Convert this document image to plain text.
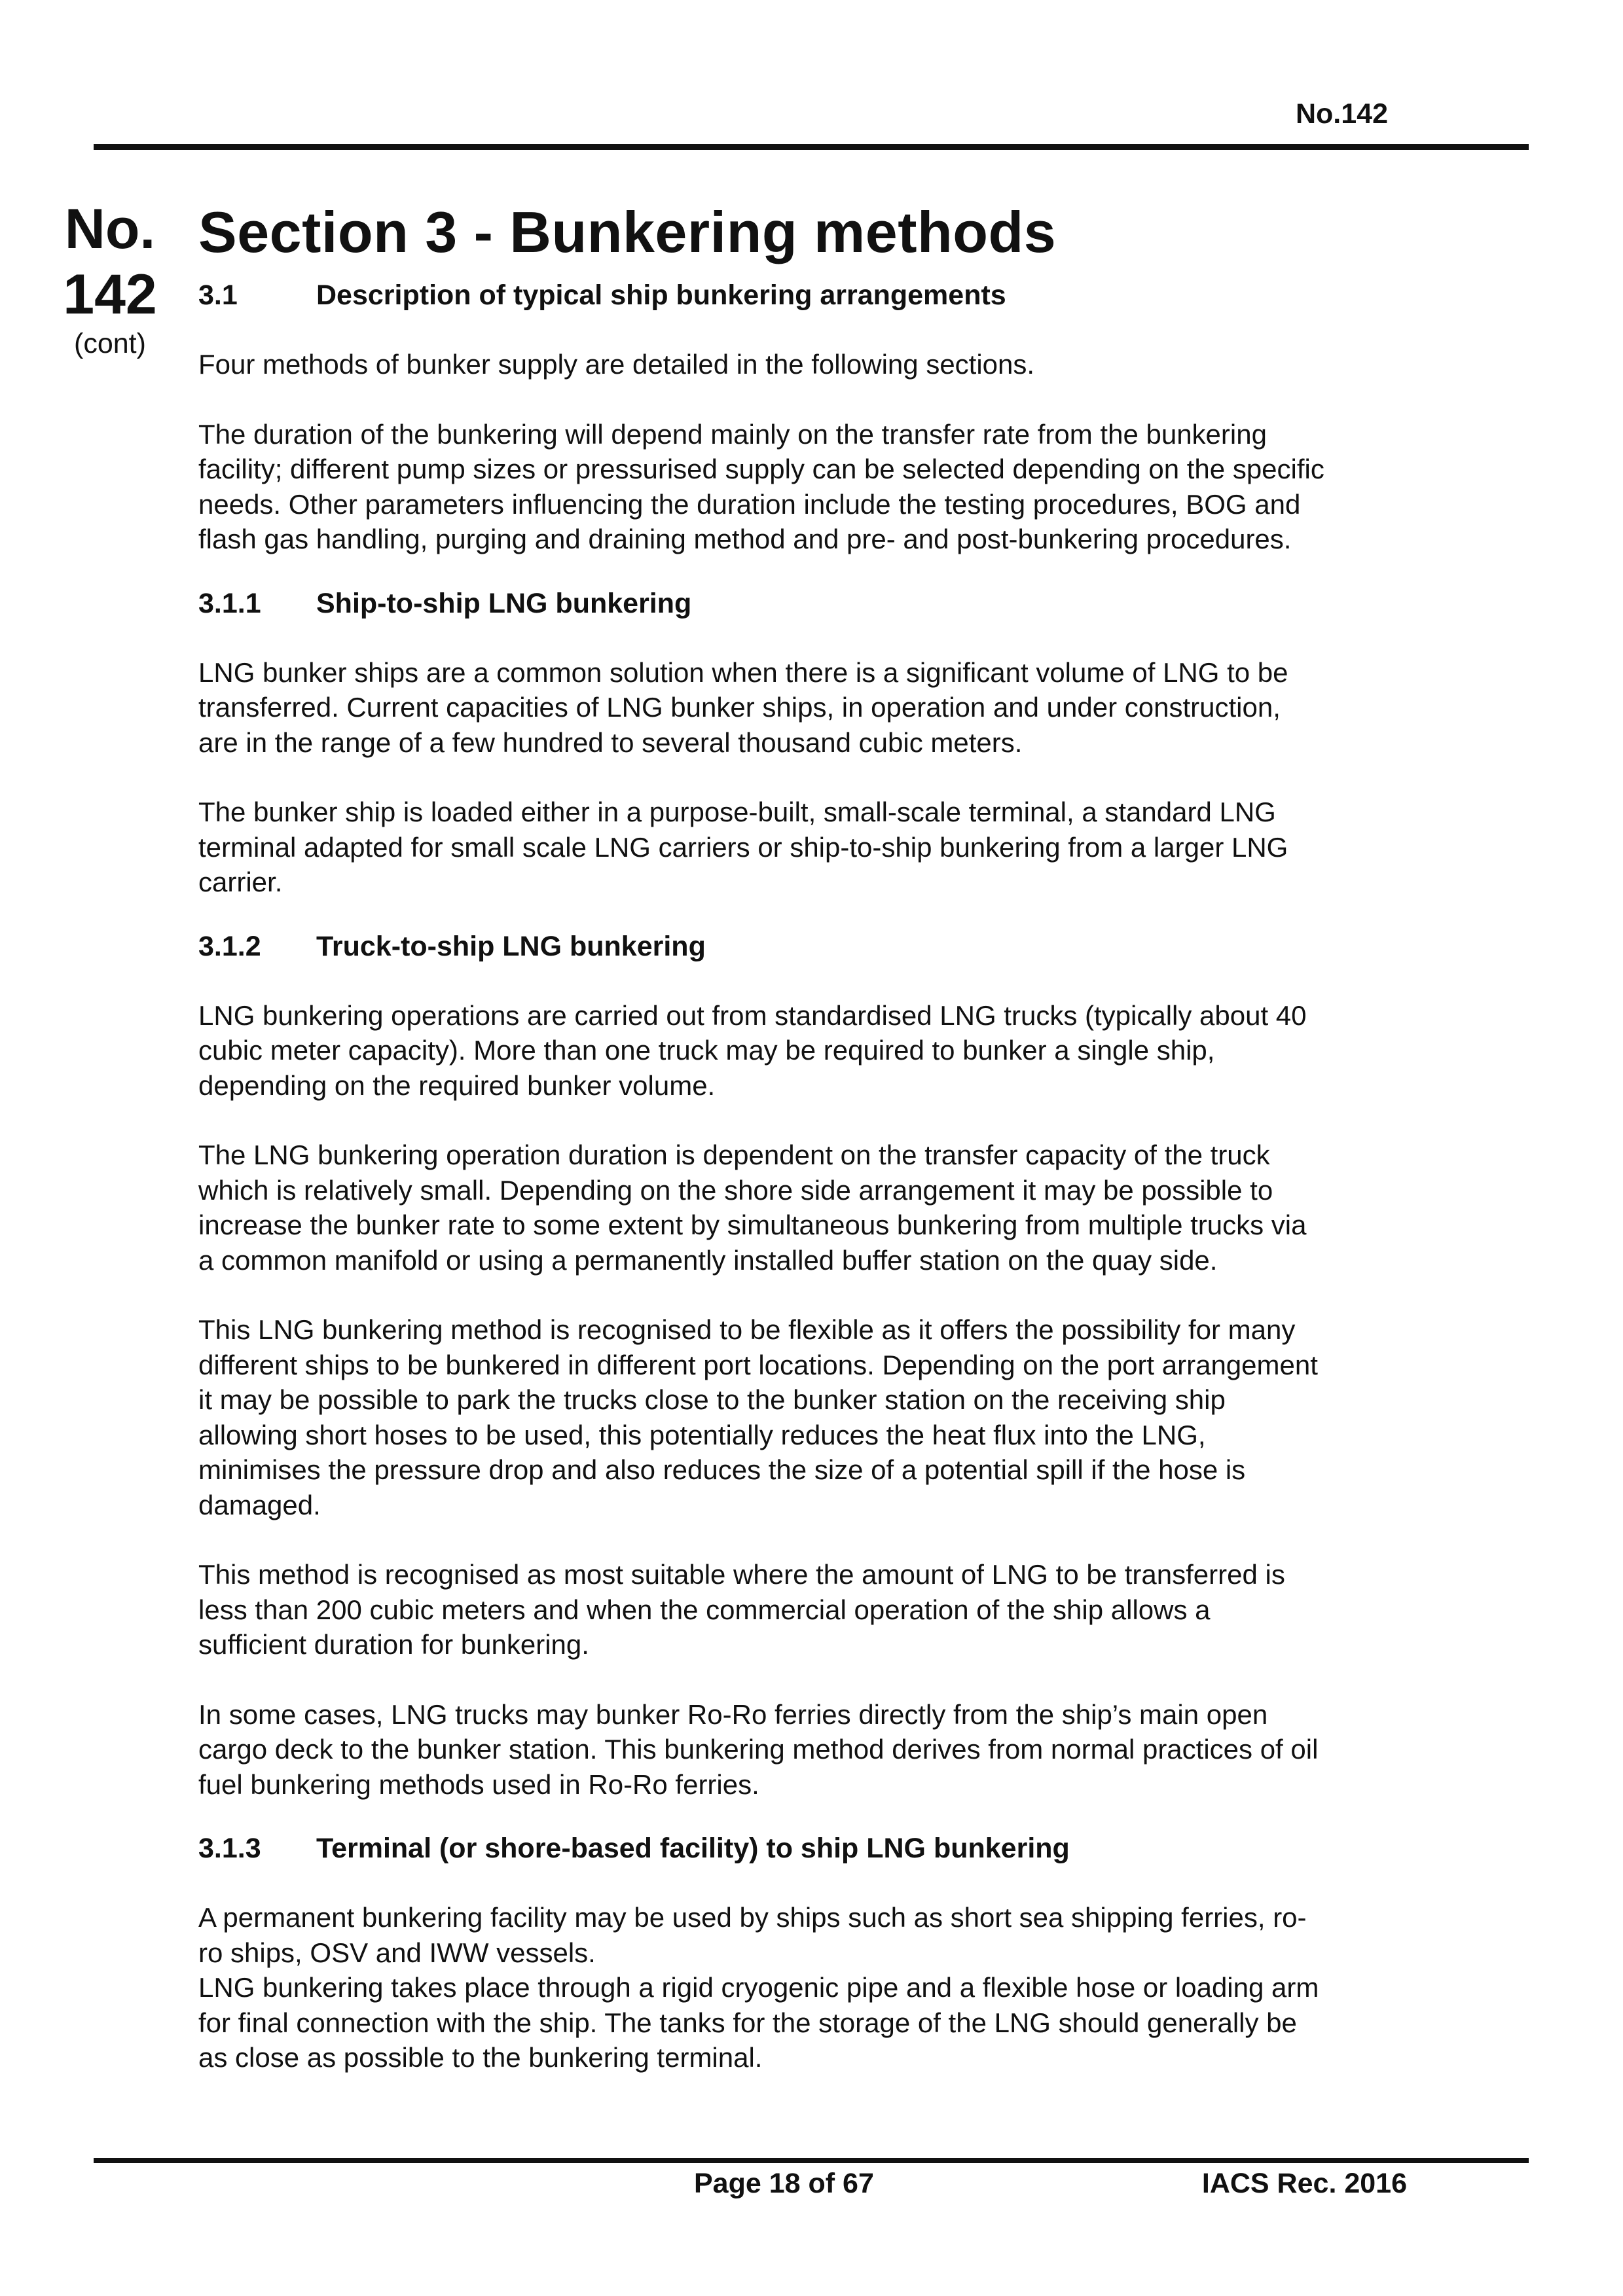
No.142
No.
142
(cont)
Section 3 - Bunkering methods
3.1	Description of typical ship bunkering arrangements

Four methods of bunker supply are detailed in the following sections.

The duration of the bunkering will depend mainly on the transfer rate from the bunkering
facility; different pump sizes or pressurised supply can be selected depending on the specific
needs. Other parameters influencing the duration include the testing procedures, BOG and
flash gas handling, purging and draining method and pre- and post-bunkering procedures.

3.1.1	Ship-to-ship LNG bunkering

LNG bunker ships are a common solution when there is a significant volume of LNG to be
transferred. Current capacities of LNG bunker ships, in operation and under construction,
are in the range of a few hundred to several thousand cubic meters.

The bunker ship is loaded either in a purpose-built, small-scale terminal, a standard LNG
terminal adapted for small scale LNG carriers or ship-to-ship bunkering from a larger LNG
carrier.

3.1.2	Truck-to-ship LNG bunkering

LNG bunkering operations are carried out from standardised LNG trucks (typically about 40
cubic meter capacity). More than one truck may be required to bunker a single ship,
depending on the required bunker volume.

The LNG bunkering operation duration is dependent on the transfer capacity of the truck
which is relatively small. Depending on the shore side arrangement it may be possible to
increase the bunker rate to some extent by simultaneous bunkering from multiple trucks via
a common manifold or using a permanently installed buffer station on the quay side.

This LNG bunkering method is recognised to be flexible as it offers the possibility for many
different ships to be bunkered in different port locations. Depending on the port arrangement
it may be possible to park the trucks close to the bunker station on the receiving ship
allowing short hoses to be used, this potentially reduces the heat flux into the LNG,
minimises the pressure drop and also reduces the size of a potential spill if the hose is
damaged.

This method is recognised as most suitable where the amount of LNG to be transferred is
less than 200 cubic meters and when the commercial operation of the ship allows a
sufficient duration for bunkering.

In some cases, LNG trucks may bunker Ro-Ro ferries directly from the ship’s main open
cargo deck to the bunker station. This bunkering method derives from normal practices of oil
fuel bunkering methods used in Ro-Ro ferries.

3.1.3	Terminal (or shore-based facility) to ship LNG bunkering

A permanent bunkering facility may be used by ships such as short sea shipping ferries, ro-
ro ships, OSV and IWW vessels.
LNG bunkering takes place through a rigid cryogenic pipe and a flexible hose or loading arm
for final connection with the ship. The tanks for the storage of the LNG should generally be
as close as possible to the bunkering terminal.

Page 18 of 67	IACS Rec. 2016
